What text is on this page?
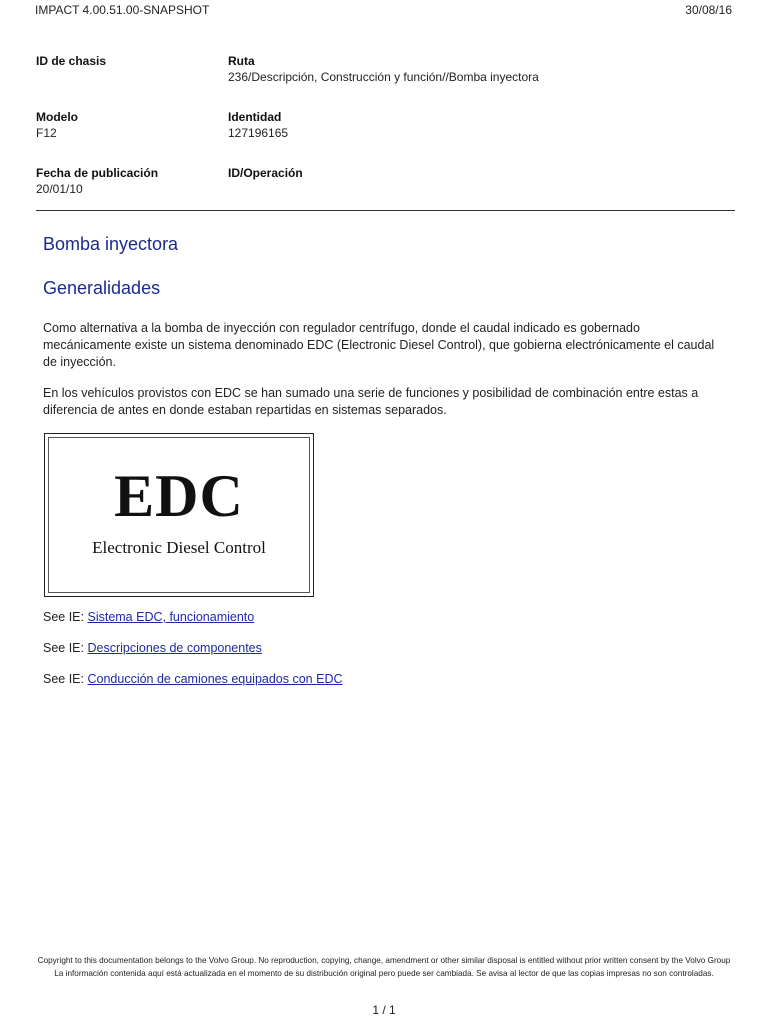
IMPACT 4.00.51.00-SNAPSHOT	30/08/16
ID de chasis	Ruta
236/Descripción, Construcción y función//Bomba inyectora
Modelo
F12
Identidad
127196165
Fecha de publicación
20/01/10
ID/Operación
Bomba inyectora
Generalidades

Como alternativa a la bomba de inyección con regulador centrífugo, donde el caudal indicado es gobernado mecánicamente existe un sistema denominado EDC (Electronic Diesel Control), que gobierna electrónicamente el caudal de inyección.

En los vehículos provistos con EDC se han sumado una serie de funciones y posibilidad de combinación entre estas a diferencia de antes en donde estaban repartidas en sistemas separados.

EDC
Electronic Diesel Control

See IE: Sistema EDC, funcionamiento

See IE: Descripciones de componentes

See IE: Conducción de camiones equipados con EDC

Copyright to this documentation belongs to the Volvo Group. No reproduction, copying, change, amendment or other similar disposal is entitled without prior written consent by the Volvo Group
La información contenida aquí está actualizada en el momento de su distribución original pero puede ser cambiada. Se avisa al lector de que las copias impresas no son controladas.
1 / 1
